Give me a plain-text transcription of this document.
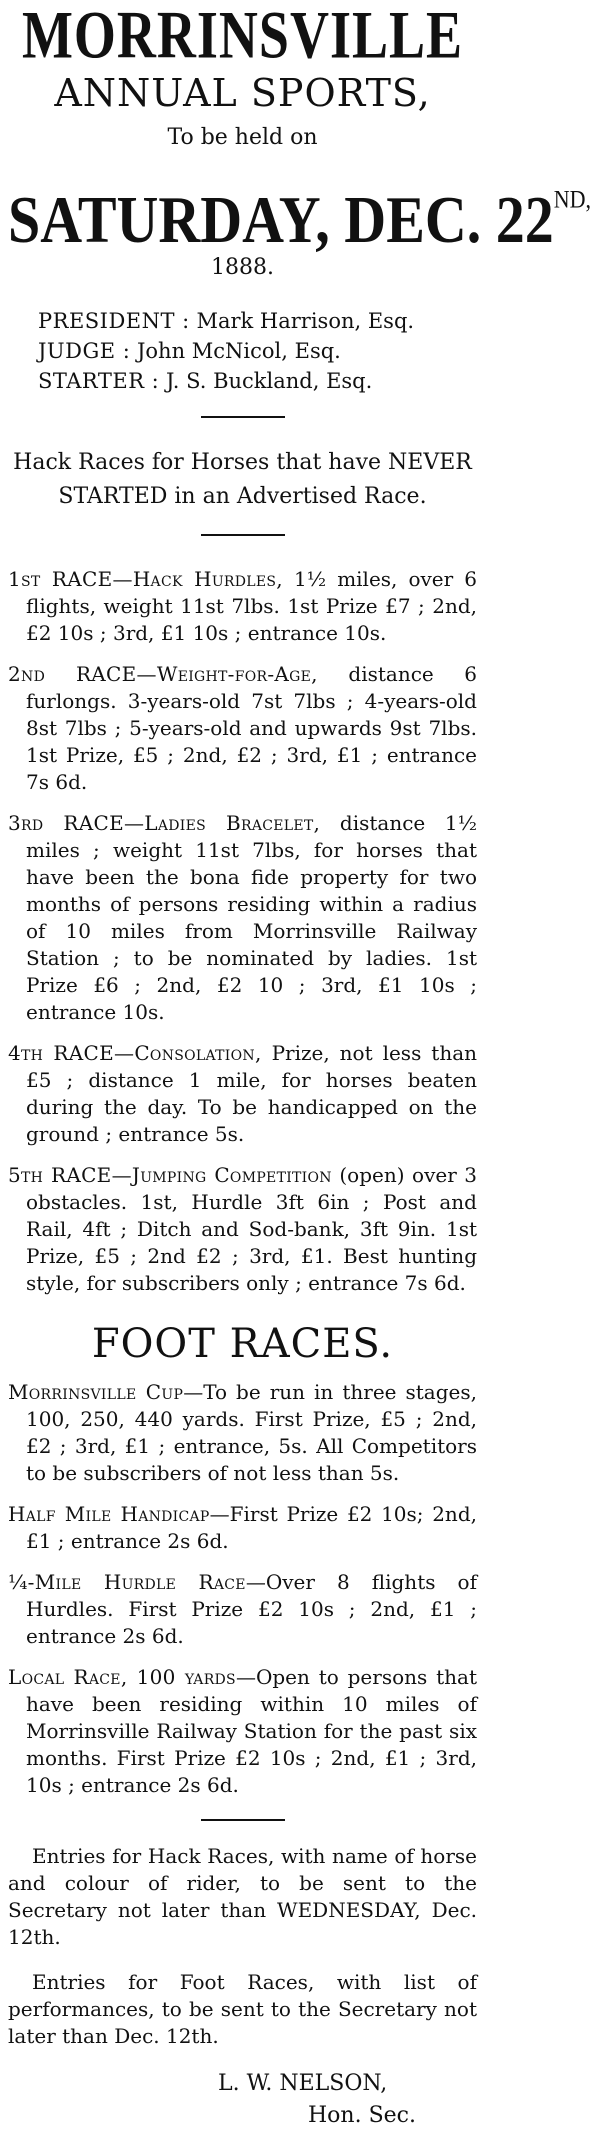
MORRINSVILLE
ANNUAL SPORTS,
To be held on
SATURDAY, DEC. $22^{ND,}$
1888.
PRESIDENT : Mark Harrison, Esq.
JUDGE : John McNicol, Esq.
STARTER : J. S. Buckland, Esq.
Hack Races for Horses that have NEVER STARTED in an Advertised Race.

1st RACE—Hack Hurdles, 1½ miles, over 6 flights, weight 11st 7lbs. 1st Prize £7 ; 2nd, £2 10s ; 3rd, £1 10s ; entrance 10s.

2nd RACE—Weight-for-Age, distance 6 furlongs. 3-years-old 7st 7lbs ; 4-years-old 8st 7lbs ; 5-years-old and upwards 9st 7lbs. 1st Prize, £5 ; 2nd, £2 ; 3rd, £1 ; entrance 7s 6d.

3rd RACE—Ladies Bracelet, distance 1½ miles ; weight 11st 7lbs, for horses that have been the bona fide property for two months of persons residing within a radius of 10 miles from Morrinsville Railway Station ; to be nominated by ladies. 1st Prize £6 ; 2nd, £2 10 ; 3rd, £1 10s ; entrance 10s.

4th RACE—Consolation, Prize, not less than £5 ; distance 1 mile, for horses beaten during the day. To be handicapped on the ground ; entrance 5s.

5th RACE—Jumping Competition (open) over 3 obstacles. 1st, Hurdle 3ft 6in ; Post and Rail, 4ft ; Ditch and Sod-bank, 3ft 9in. 1st Prize, £5 ; 2nd £2 ; 3rd, £1. Best hunting style, for subscribers only ; entrance 7s 6d.

FOOT RACES.

Morrinsville Cup—To be run in three stages, 100, 250, 440 yards. First Prize, £5 ; 2nd, £2 ; 3rd, £1 ; entrance, 5s. All Competitors to be subscribers of not less than 5s.

Half Mile Handicap—First Prize £2 10s; 2nd, £1 ; entrance 2s 6d.

¼-Mile Hurdle Race—Over 8 flights of Hurdles. First Prize £2 10s ; 2nd, £1 ; entrance 2s 6d.

Local Race, 100 yards—Open to persons that have been residing within 10 miles of Morrinsville Railway Station for the past six months. First Prize £2 10s ; 2nd, £1 ; 3rd, 10s ; entrance 2s 6d.

Entries for Hack Races, with name of horse and colour of rider, to be sent to the Secretary not later than WEDNESDAY, Dec. 12th.

Entries for Foot Races, with list of performances, to be sent to the Secretary not later than Dec. 12th.

L. W. NELSON,
Hon. Sec.
